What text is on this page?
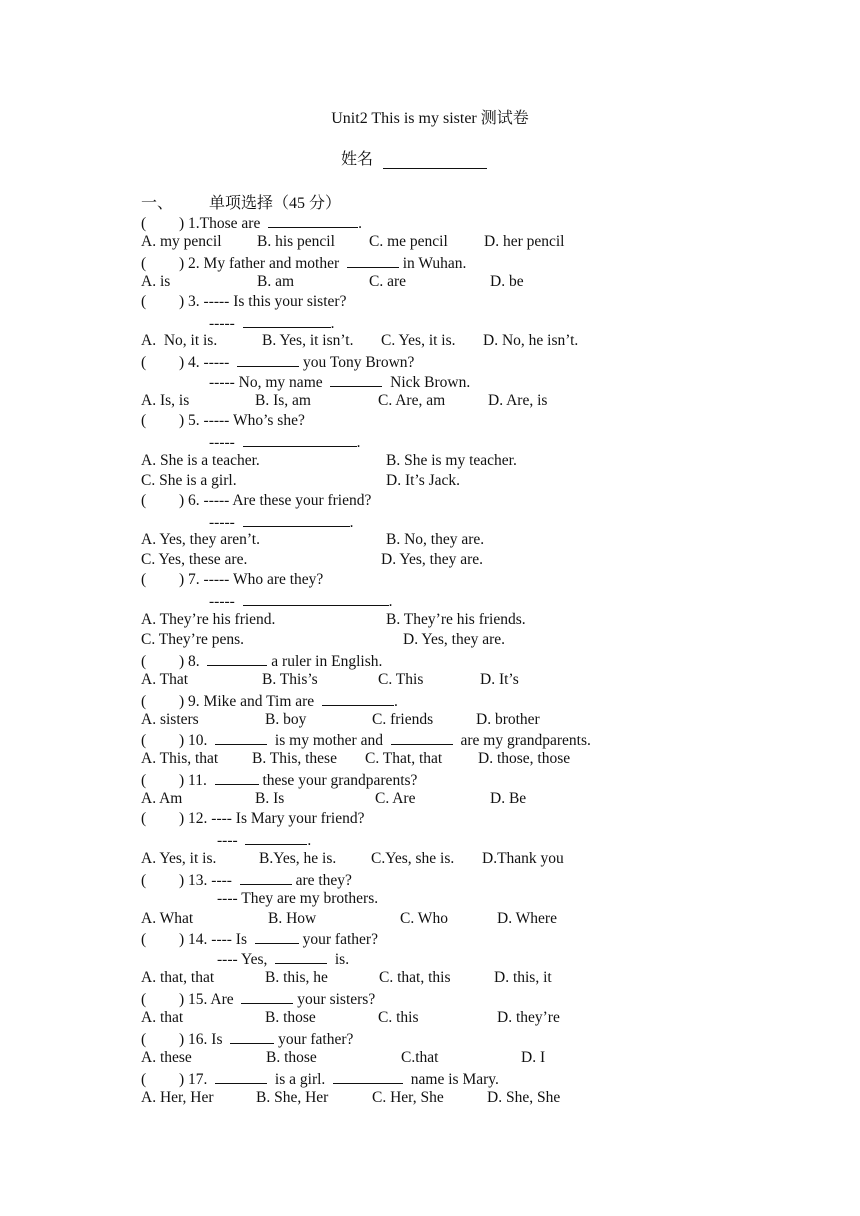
Unit2 This is my sister 测试卷
姓名
一、 单项选择（45 分）
( ) 1.Those are	.
A. my pencil B. his pencil C. me pencil D. her pencil
( ) 2. My father and mother	in Wuhan.
A. is	B. am	C. are	D. be
( ) 3. ----- Is this your sister?
-----	.
A.  No, it is.	B. Yes, it isn’t. C. Yes, it is. D. No, he isn’t.
( ) 4. -----	you Tony Brown?
----- No, my name	Nick Brown.
A. Is, is	B. Is, am	C. Are, am	D. Are, is
( ) 5. ----- Who’s she?
-----	.
A. She is a teacher.	B. She is my teacher.
C. She is a girl.	D. It’s Jack.
( ) 6. ----- Are these your friend?
-----	.
A. Yes, they aren’t.	B. No, they are.
C. Yes, these are.	D. Yes, they are.
( ) 7. ----- Who are they?
-----	.
A. They’re his friend.	B. They’re his friends.
C. They’re pens.	D. Yes, they are.
( ) 8.	a ruler in English.
A. That	B. This’s	C. This	D. It’s
( ) 9. Mike and Tim are	.
A. sisters	B. boy	C. friends	D. brother
( ) 10.	is my mother and	are my grandparents.
A. This, that B. This, these C. That, that D. those, those
( ) 11.	these your grandparents?
A. Am	B. Is	C. Are	D. Be
( ) 12. ---- Is Mary your friend?
----	.
A. Yes, it is.	B.Yes, he is. C.Yes, she is. D.Thank you
( ) 13. ----	are they?
---- They are my brothers.
A. What	B. How	C. Who	D. Where
( ) 14. ---- Is	your father?
---- Yes,	is.
A. that, that	B. this, he	C. that, this	D. this, it
( ) 15. Are	your sisters?
A. that	B. those	C. this	D. they’re
( ) 16. Is	your father?
A. these	B. those	C.that	D. I
( ) 17.	is a girl.	name is Mary.
A. Her, Her	B. She, Her	C. Her, She	D. She, She
